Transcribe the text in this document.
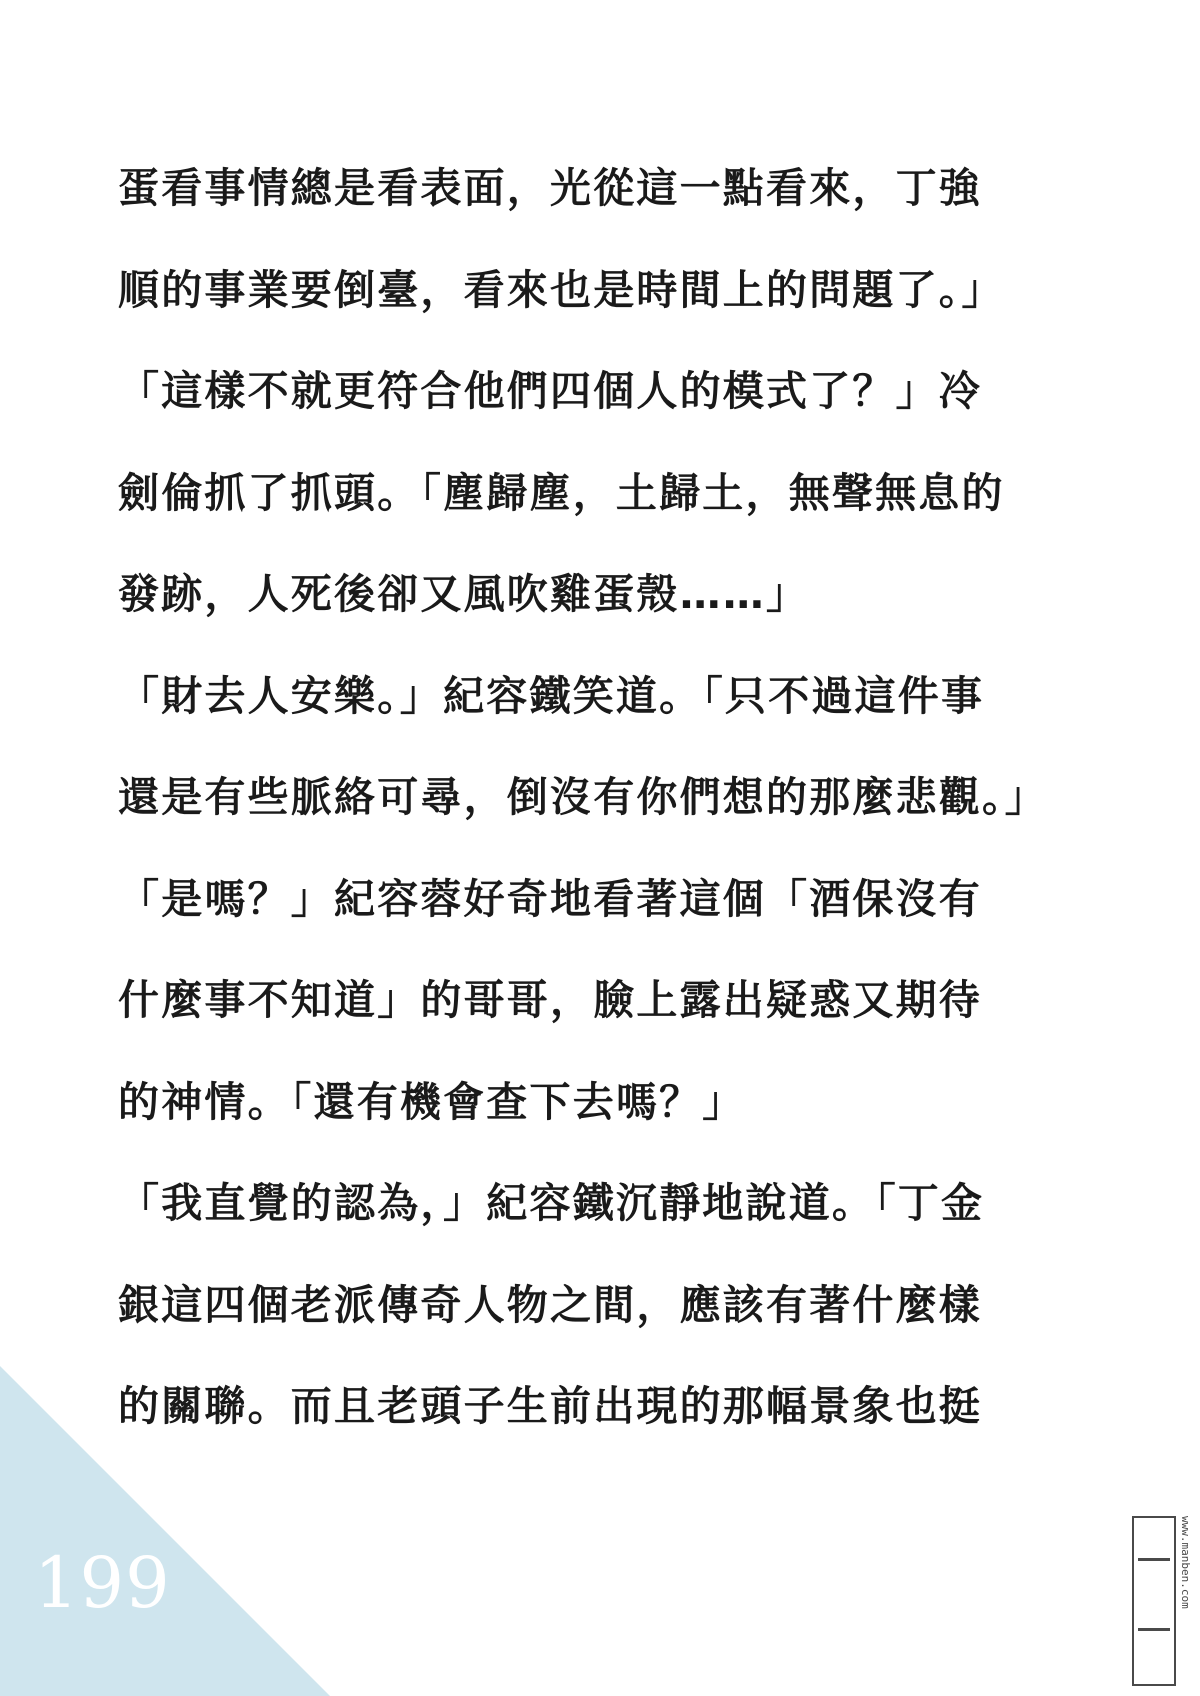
蛋看事情總是看表面，光從這一點看來，丁強
順的事業要倒臺，看來也是時間上的問題了。」
「這樣不就更符合他們四個人的模式了？」冷
劍倫抓了抓頭。「塵歸塵，土歸土，無聲無息的
發跡，人死後卻又風吹雞蛋殼……」
「財去人安樂。」紀容鐵笑道。「只不過這件事
還是有些脈絡可尋，倒沒有你們想的那麼悲觀。」
「是嗎？」紀容蓉好奇地看著這個「酒保沒有
什麼事不知道」的哥哥，臉上露出疑惑又期待
的神情。「還有機會查下去嗎？」
「我直覺的認為，」紀容鐵沉靜地說道。「丁金
銀這四個老派傳奇人物之間，應該有著什麼樣
的關聯。而且老頭子生前出現的那幅景象也挺
199	www.manben.com
